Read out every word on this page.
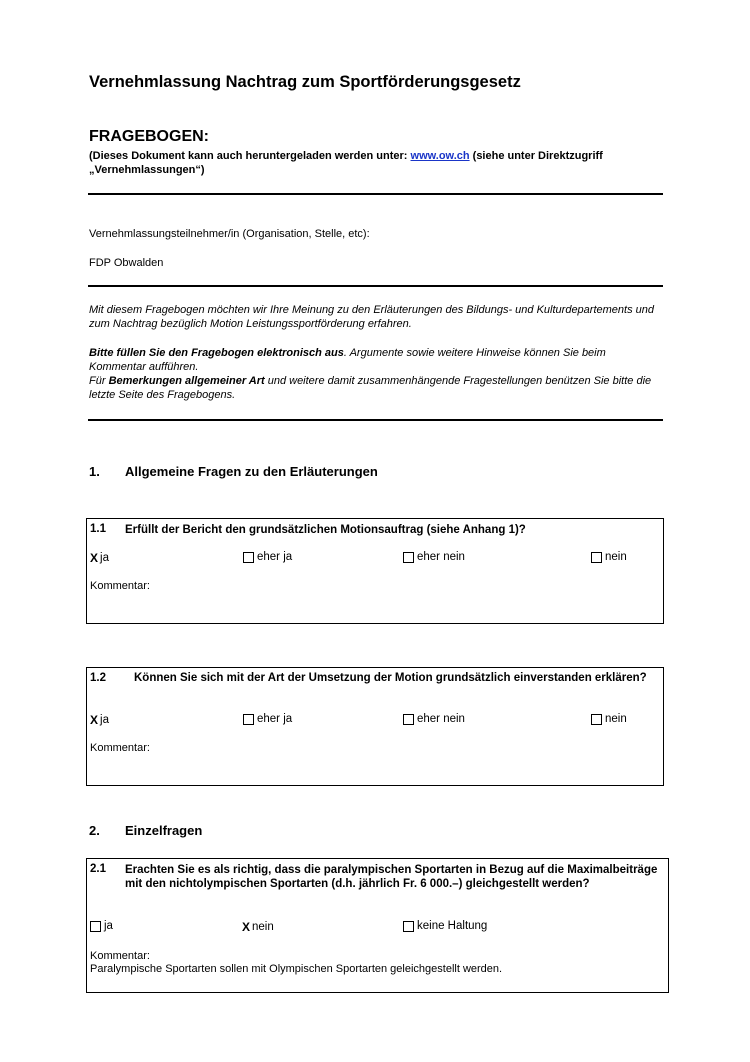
Vernehmlassung Nachtrag zum Sportförderungsgesetz
FRAGEBOGEN:
(Dieses Dokument kann auch heruntergeladen werden unter: www.ow.ch (siehe unter Direktzugriff „Vernehmlassungen“)
Vernehmlassungsteilnehmer/in (Organisation, Stelle, etc):
FDP Obwalden
Mit diesem Fragebogen möchten wir Ihre Meinung zu den Erläuterungen des Bildungs- und Kulturdepartements und zum Nachtrag bezüglich Motion Leistungssportförderung erfahren.
Bitte füllen Sie den Fragebogen elektronisch aus. Argumente sowie weitere Hinweise können Sie beim Kommentar aufführen.
Für Bemerkungen allgemeiner Art und weitere damit zusammenhängende Fragestellungen benützen Sie bitte die letzte Seite des Fragebogens.
1. Allgemeine Fragen zu den Erläuterungen
1.1 Erfüllt der Bericht den grundsätzlichen Motionsauftrag (siehe Anhang 1)?
X ja	eher ja	eher nein	nein
Kommentar:
1.2 Können Sie sich mit der Art der Umsetzung der Motion grundsätzlich einverstanden erklären?
X ja	eher ja	eher nein	nein
Kommentar:
2. Einzelfragen
2.1 Erachten Sie es als richtig, dass die paralympischen Sportarten in Bezug auf die Maximalbeiträge mit den nichtolympischen Sportarten (d.h. jährlich Fr. 6 000.–) gleichgestellt werden?
ja	X nein	keine Haltung
Kommentar:
Paralympische Sportarten sollen mit Olympischen Sportarten geleichgestellt werden.
